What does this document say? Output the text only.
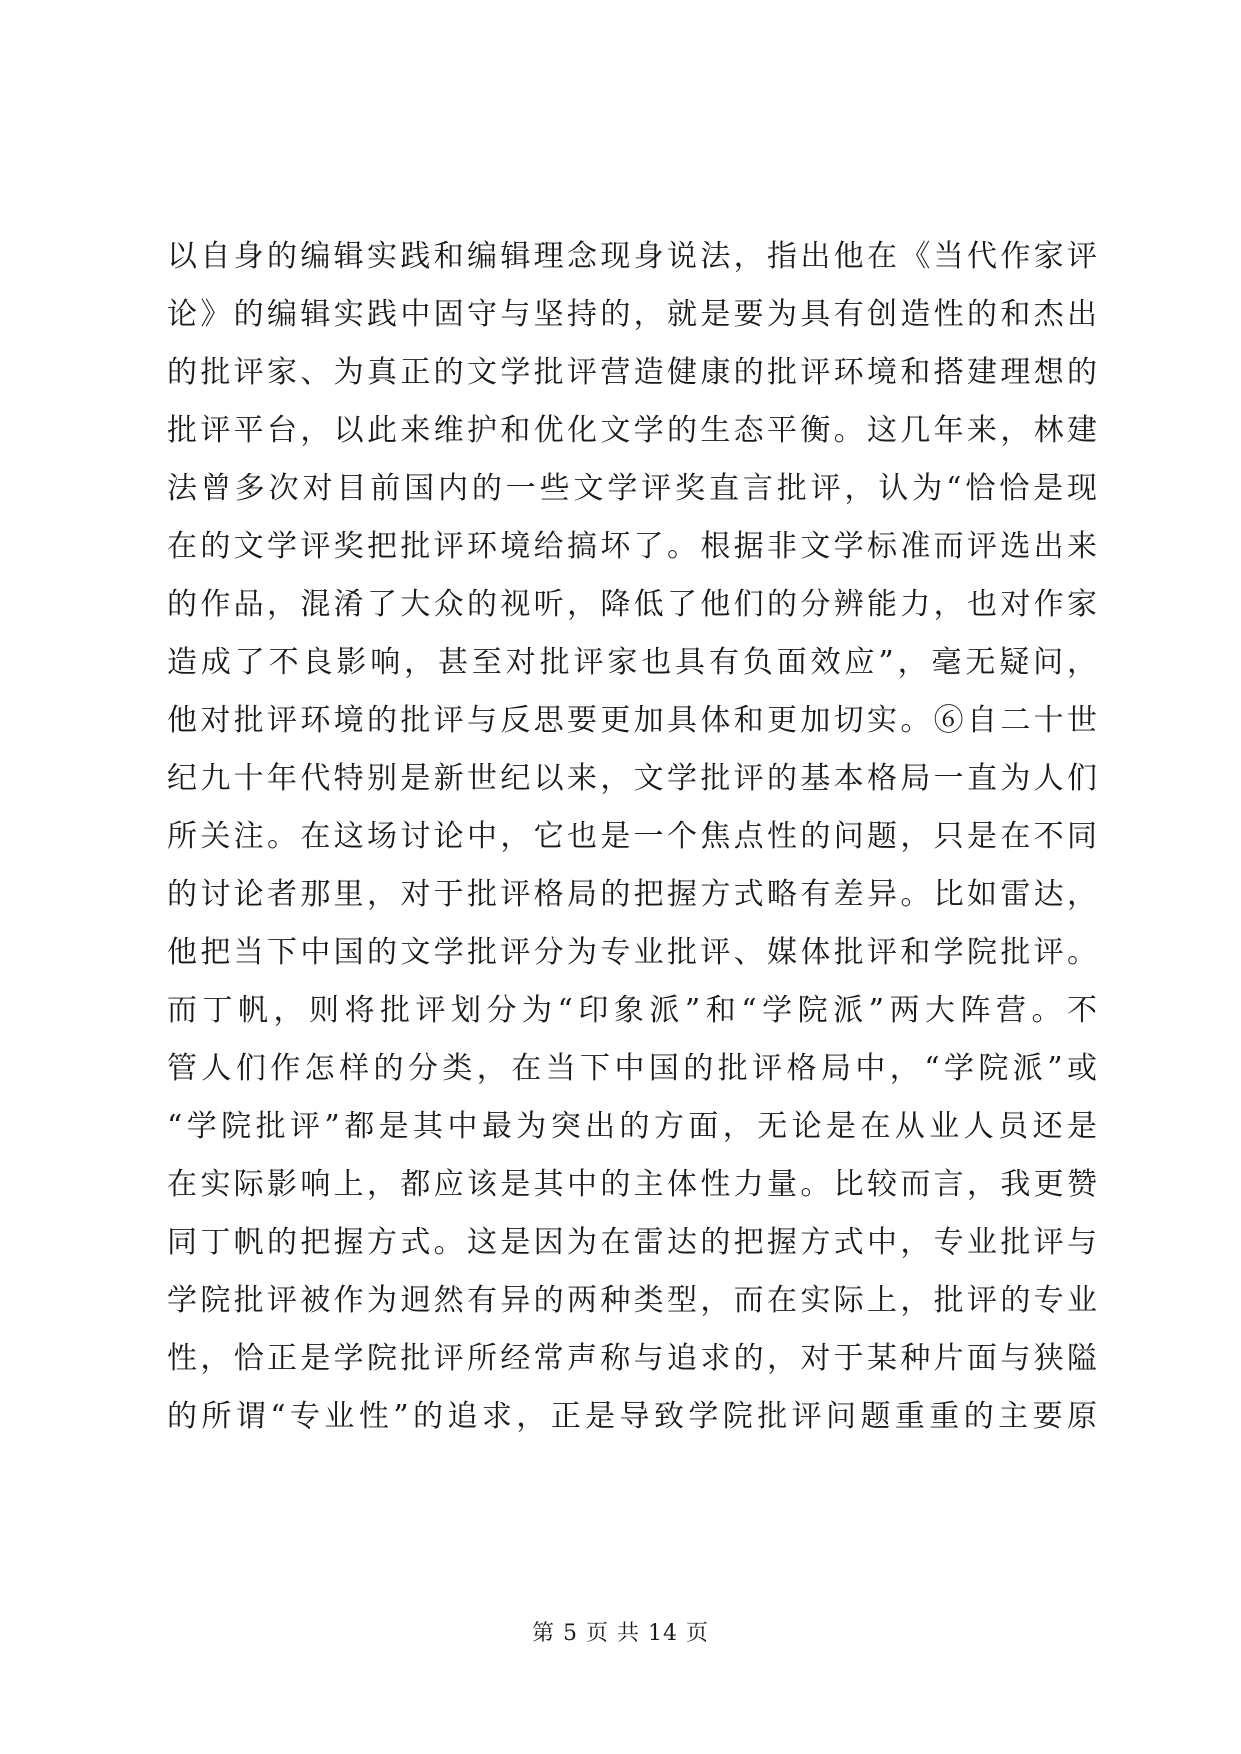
以自身的编辑实践和编辑理念现身说法，指出他在《当代作家评
论》的编辑实践中固守与坚持的，就是要为具有创造性的和杰出
的批评家、为真正的文学批评营造健康的批评环境和搭建理想的
批评平台，以此来维护和优化文学的生态平衡。这几年来，林建
法曾多次对目前国内的一些文学评奖直言批评，认为“恰恰是现
在的文学评奖把批评环境给搞坏了。根据非文学标准而评选出来
的作品，混淆了大众的视听，降低了他们的分辨能力，也对作家
造成了不良影响，甚至对批评家也具有负面效应”，毫无疑问，
他对批评环境的批评与反思要更加具体和更加切实。⑥自二十世
纪九十年代特别是新世纪以来，文学批评的基本格局一直为人们
所关注。在这场讨论中，它也是一个焦点性的问题，只是在不同
的讨论者那里，对于批评格局的把握方式略有差异。比如雷达，
他把当下中国的文学批评分为专业批评、媒体批评和学院批评。
而丁帆，则将批评划分为“印象派”和“学院派”两大阵营。不
管人们作怎样的分类，在当下中国的批评格局中，“学院派”或
“学院批评”都是其中最为突出的方面，无论是在从业人员还是
在实际影响上，都应该是其中的主体性力量。比较而言，我更赞
同丁帆的把握方式。这是因为在雷达的把握方式中，专业批评与
学院批评被作为迥然有异的两种类型，而在实际上，批评的专业
性，恰正是学院批评所经常声称与追求的，对于某种片面与狭隘
的所谓“专业性”的追求，正是导致学院批评问题重重的主要原
第 5 页 共 14 页
